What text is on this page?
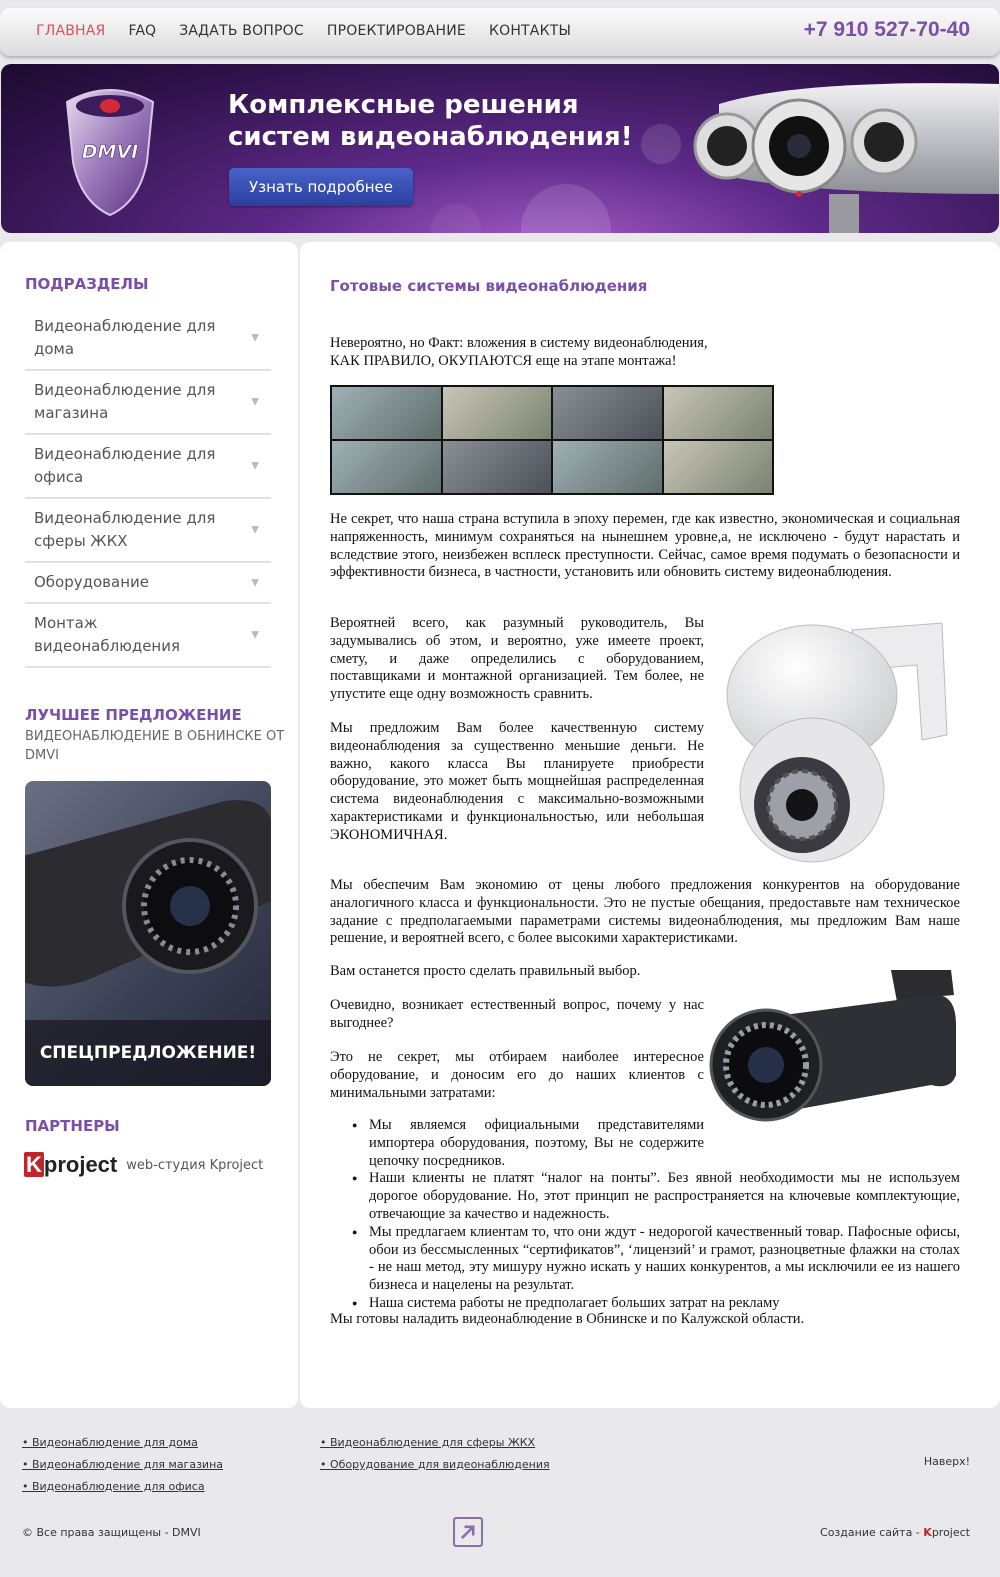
ГЛАВНАЯ FAQ ЗАДАТЬ ВОПРОС ПРОЕКТИРОВАНИЕ КОНТАКТЫ	+7 910 527-70-40
DMVI
Комплексные решения
систем видеонаблюдения!
Узнать подробнее
ПОДРАЗДЕЛЫ
Видеонаблюдение для дома
▼
Видеонаблюдение для магазина
▼
Видеонаблюдение для офиса
▼
Видеонаблюдение для сферы ЖКХ
▼
Оборудование	▼
Монтаж видеонаблюдения
▼
ЛУЧШЕЕ ПРЕДЛОЖЕНИЕ
ВИДЕОНАБЛЮДЕНИЕ В ОБНИНСКЕ ОТ DMVI
СПЕЦПРЕДЛОЖЕНИЕ!
ПАРТНЕРЫ
Kproject web-студия Kproject
Готовые системы видеонаблюдения
Невероятно, но Факт: вложения в систему видеонаблюдения,
КАК ПРАВИЛО, ОКУПАЮТСЯ еще на этапе монтажа!
Не секрет, что наша страна вступила в эпоху перемен, где как известно, экономическая и социальная напряженность, минимум сохраняться на нынешнем уровне,а, не исключено - будут нарастать и вследствие этого, неизбежен всплеск преступности. Сейчас, самое время подумать о безопасности и эффективности бизнеса, в частности, установить или обновить систему видеонаблюдения.
Вероятней всего, как разумный руководитель, Вы задумывались об этом, и вероятно, уже имеете проект, смету, и даже определились с оборудованием, поставщиками и монтажной организацией. Тем более, не упустите еще одну возможность сравнить.
Мы предложим Вам более качественную систему видеонаблюдения за существенно меньшие деньги. Не важно, какого класса Вы планируете приобрести оборудование, это может быть мощнейшая распределенная система видеонаблюдения с максимально-возможными характеристиками и функциональностью, или небольшая ЭКОНОМИЧНАЯ.
Мы обеспечим Вам экономию от цены любого предложения конкурентов на оборудование аналогичного класса и функциональности. Это не пустые обещания, предоставьте нам техническое задание с предполагаемыми параметрами системы видеонаблюдения, мы предложим Вам наше решение, и вероятней всего, с более высокими характеристиками.
Вам останется просто сделать правильный выбор.
Очевидно, возникает естественный вопрос, почему у нас выгоднее?
Это не секрет, мы отбираем наиболее интересное оборудование, и доносим его до наших клиентов с минимальными затратами:
● Мы являемся официальными представителями импортера оборудования, поэтому, Вы не содержите цепочку посредников.
● Наши клиенты не платят “налог на понты”. Без явной необходимости мы не используем дорогое оборудование. Но, этот принцип не распространяется на ключевые комплектующие, отвечающие за качество и надежность.
● Мы предлагаем клиентам то, что они ждут - недорогой качественный товар. Пафосные офисы, обои из бессмысленных “сертификатов”, ‘лицензий’ и грамот, разноцветные флажки на столах - не наш метод, эту мишуру нужно искать у наших конкурентов, а мы исключили ее из нашего бизнеса и нацелены на результат.
● Наша система работы не предполагает больших затрат на рекламу
Мы готовы наладить видеонаблюдение в Обнинске и по Калужской области.
• Видеонаблюдение для дома
• Видеонаблюдение для магазина
• Видеонаблюдение для офиса
• Видеонаблюдение для сферы ЖКХ
• Оборудование для видеонаблюдения	Наверх!
© Все права защищены - DMVI	Создание сайта - Kproject
